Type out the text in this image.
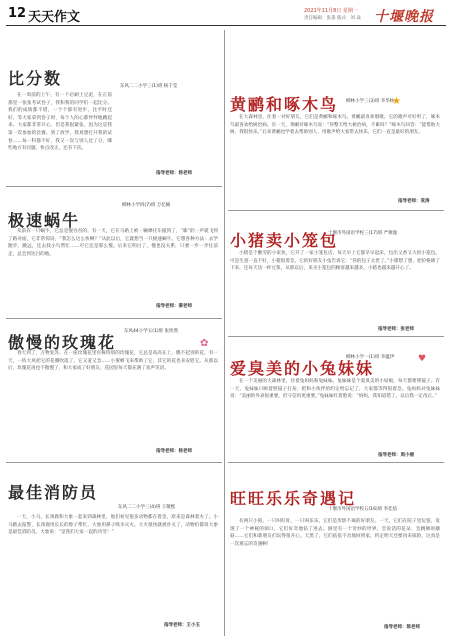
12 天天作文	2021年11月8日 星期一
责任编辑：张淼 版式：刘 焱 十堰晚报
比分数	东风二二小学三(1)班 杨千莹
在一周前的上午，有一个必刷土豆泥，在正前那里一张张考试卷子，我和我的同学们一起比分。我们的成绩都不错，一个个都有进步，比平时还好，等大家拿到卷子时，每个人的心都怦怦地跳起来。大家都非常开心，但是我很紧张，因为这是我第一次参加的比赛。到了放学，我真想打开我的试卷……每一科都不好，我又一次与别人比了分，哪些地方有问题，快点改正，还有下次。
指导老师：杨老师
极速蜗牛
柳林小学四(7)班 万忆楠
从前有一只蜗牛，它总是慢吞吞的。有一天，它在马路上被一辆摩托车撞到了，“嘭”的一声就飞到了路对面，它非常惊讶，“我怎么这么快啊？”从此以后，它就想当一只极速蜗牛。它想各种方法：去学跑步、跳远，还去找小鸟帮忙……可它还是那么慢。后来它明白了，慢也没关系，只要一步一步往前走，总会到达目的地。
指导老师：秦老师
傲慢的玫瑰花
东风44小学五(1)班 张欣然
春天到了，万物复苏，在一座玫瑰花里有株特别的玫瑰花，它总是高高在上，瞧不起别的花。有一天，一阵大风把它的花瓣吹落了，它又羞又急……小蜜蜂飞来帮助了它，其它的花也来安慰它。从那以后，玫瑰花再也不傲慢了，和大家成了好朋友，花园里每天都充满了欢声笑语。
指导老师：杨老师
最佳消防员
东风二二小学三(4)班 王敬熙
一天，小马、长颈鹿和大象一起来到森林里，他们看见很多动物都在着急，原来是森林着火了。小马跑去报警，长颈鹿用长长的脖子帮忙，大象用鼻子吸水灭火。大火很快就被扑灭了，动物们都说大象是最佳消防员。大象说：“是我们大家一起的功劳！”
指导老师：王小玉
黄鹂和啄木鸟 柳林小学三(3)班 李华杨
在大森林里，住着一对好朋友，它们是黄鹂和啄木鸟。黄鹂最喜欢唱歌，它的歌声可好听了，啄木鸟最喜欢给树治病。有一天，黄鹂对啄木鸟说：“你整天给大树治病，不累吗？”啄木鸟回答：“能帮助大树，我很快乐。”后来黄鹂也学着去帮助别人，用歌声给大家带去快乐，它们一直是最好的朋友。
指导老师：袁涛
小猪卖小笼包
十堰市外国语学校三(17)班 严俊逸
小猪是个勤劳的小家伙，它开了一家小笼包店。每天早上它都早早起床，包出又香又大的小笼包。可是生意一直不好，小猪很着急。它的好朋友小兔告诉它：“你的包子太贵了。”小猪想了想，把价格降了下来，还每天送一杯豆浆。从那以后，来买小笼包的顾客越来越多，小猪也越来越开心了。
指导老师：张老师
爱臭美的小兔妹妹
柳林小学一(1)班 李蕴伊
在一个美丽的大森林里，住着兔妈妈和兔妹妹。兔妹妹是个爱臭美的小姑娘，每天都要照镜子。有一天，兔妹妹只顾着照镜子打扮，把和小伙伴的约定给忘记了，大家都等得很着急。兔妈妈对兔妹妹说：“美丽的外表很重要，但守信用更重要。”兔妹妹红着脸说：“妈妈，我知道错了，以后我一定改正。”
指导老师：周小丽
旺旺乐乐奇遇记
十堰市外国语学校五(16)班 李佳依
有两只小狗，一只叫旺旺，一只叫乐乐，它们是形影不离的好朋友。一天，它们在院子里玩耍，发现了一个神秘的洞口，它们好奇地钻了进去。洞里有一个奇妙的世界，会说话的花朵、会跳舞的蘑菇……它们和新朋友们玩得很开心。天黑了，它们依依不舍地回到家，约定明天还要再来探险，这真是一次难忘的奇遇啊！
指导老师：陈老师
★
✿
♥
